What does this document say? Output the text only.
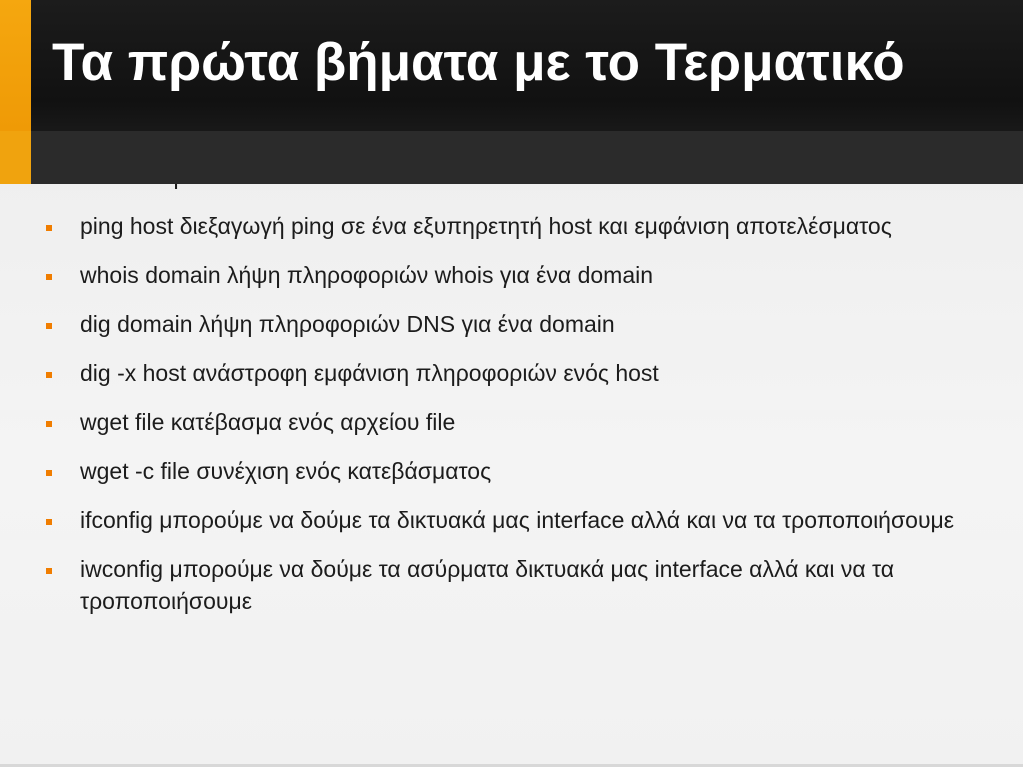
ping host διεξαγωγή ping σε ένα εξυπηρετητή host και εμφάνιση αποτελέσματος
whois domain λήψη πληροφοριών whois για ένα domain
dig domain λήψη πληροφοριών DNS για ένα domain
dig -x host ανάστροφη εμφάνιση πληροφοριών ενός host
wget file κατέβασμα ενός αρχείου file
wget -c file συνέχιση ενός κατεβάσματος
ifconfig μπορούμε να δούμε τα δικτυακά μας interface αλλά και να τα τροποποιήσουμε
iwconfig μπορούμε να δούμε τα ασύρματα δικτυακά μας interface αλλά και να τα τροποποιήσουμε
Τα πρώτα βήματα με το Τερματικό
